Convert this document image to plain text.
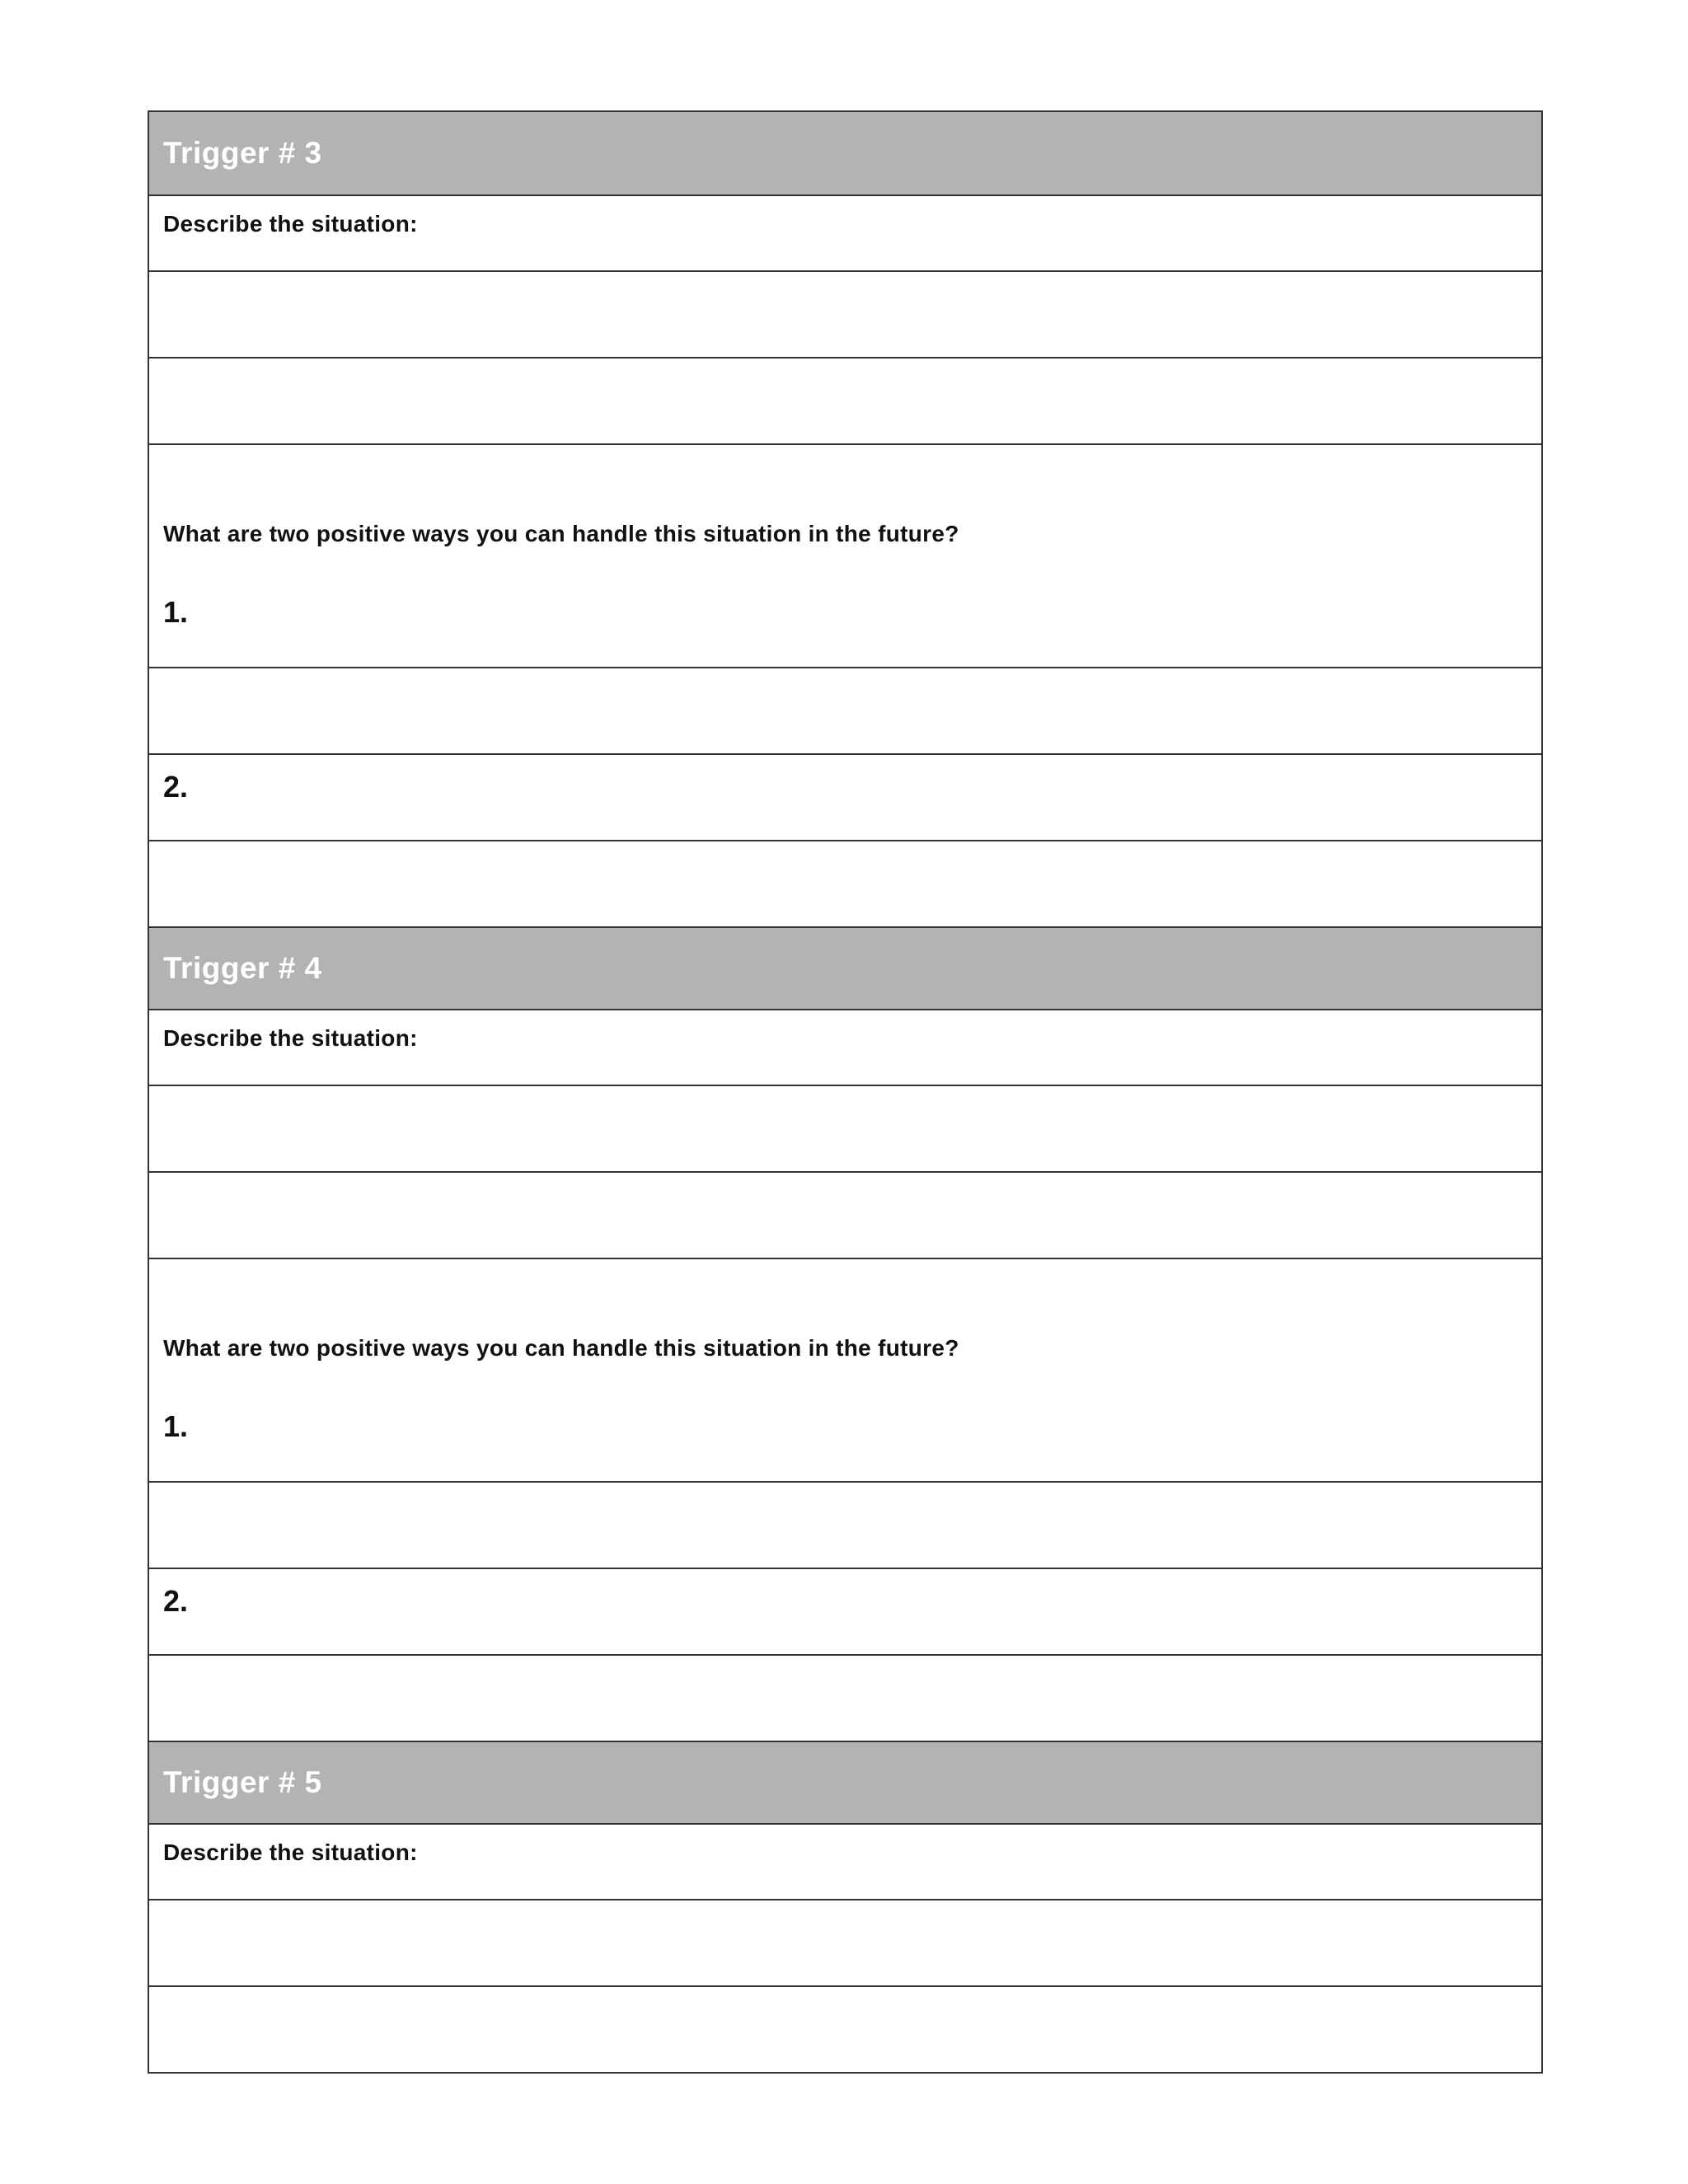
Trigger # 3
Describe the situation:
What are two positive ways you can handle this situation in the future?
1.
2.
Trigger # 4
Describe the situation:
What are two positive ways you can handle this situation in the future?
1.
2.
Trigger # 5
Describe the situation:
